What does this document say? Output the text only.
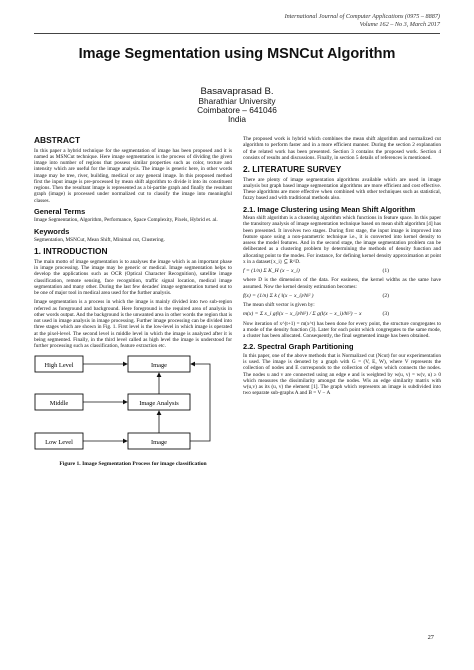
International Journal of Computer Applications (0975 – 8887)
Volume 162 – No 3, March 2017
Image Segmentation using MSNCut Algorithm
Basavaprasad B.
Bharathiar University
Coimbatore – 641046
India
ABSTRACT
In this paper a hybrid technique for the segmentation of image has been proposed and it is named as MSNCut technique. Here image segmentation is the process of dividing the given image into number of regions that possess similar properties such as color, texture and intensity which are useful for the image analysis. The image is generic here, in other words image may be tree, river, building, medical or any general image. In this proposed method first the input image is pre-processed by mean shift algorithm to divide it into its constituent regions. Then the resultant image is represented as a bi-partite graph and finally the resultant graph (image) is processed under normalized cut to classify the image into meaningful classes.
General Terms
Image Segmentation, Algorithm, Performance, Space Complexity, Pixels, Hybrid et. al.
Keywords
Segmentation, MSNCut, Mean Shift, Minimal cut, Clustering.
1. INTRODUCTION
The main motto of image segmentation is to analyses the image which is an important phase in image processing. The image may be generic or medical. Image segmentation helps to develop the applications such as OCR (Optical Character Recognition), satellite image classification, remote sensing, face recognition, traffic signal location, medical image segmentation and many other. During the last few decades' image segmentation turned out to be one of major tool in medical area used for the further analysis.
Image segmentation is a process in which the image is mainly divided into two sub-region referred as foreground and background. Here foreground is the required area of analysis in other words output. And the background is the unwanted area in other words the region that is not used in image analysis in image processing. Further image processing can be divided into three stages which are shown in Fig. 1. First level is the low-level in which image is operated at the pixel-level. The second level is middle level in which the image is analyzed after it is being segmented. Finally, in the third level called as high level the image is understood for further processing such as classification, feature extraction etc.
High Level
Middle
Low Level
Image
Image Analysis
Image
Figure 1. Image Segmentation Process for image classification
The proposed work is hybrid which combines the mean shift algorithm and normalized cut algorithm to perform faster and in a more efficient manner. During the section 2 explanation of the related work has been presented. Section 3 contains the proposed work. Section 4 consists of results and discussions. Finally, in section 5 details of references is mentioned.
2. LITERATURE SURVEY
There are plenty of image segmentation algorithms available which are used in image analysis but graph based image segmentation algorithms are more efficient and cost effective. These algorithms are more effective when combined with other techniques such as statistical, fuzzy based and with traditional methods also.
2.1. Image Clustering using Mean Shift Algorithm
Mean shift algorithm is a clustering algorithm which functions in feature space. In this paper the transitory analysis of image segmentation technique based on mean shift algorithm [4] has been presented. It involves two stages. During first stage, the input image is improved into feature space using a non-parametric technique i.e., it is converted into kernel density to assess the model features. And in the second stage, the image segmentation problem can be deliberated as a clustering problem by determining the methods of density function and allocating point to the modes. For instance, for defining kernel density approximation at point x in a dataset{x_i} ⊆ R^D.
f = (1/n) Σ K_H (x − x_i)	(1)
where D is the dimension of the data. For easiness, the kernel widths as the same have assumed. Now the kernel density estimation becomes:
f(x) = (1/n) Σ k ( ‖(x − x_i)/h‖² )	(2)
The mean shift vector is given by:
m(x) = Σ x_i g(‖(x − x_i)/h‖²) / Σ g(‖(x − x_i)/h‖²) − x	(3)
Now iteration of x^(t+1) = m(x^t) has been done for every point, the structure congregates to a mode of the density function (3). Later for each point which congregates to the same mode, a cluster has been allocated. Consequently, the final segmented image has been obtained.
2.2. Spectral Graph Partitioning
In this paper, one of the above methods that is Normalized cut (Ncut) for our experimentation is used. The image is denoted by a graph with G = (V, E, W), where V represents the collection of nodes and E corresponds to the collection of edges which connects the nodes. The nodes u and v are connected using an edge e and is weighted by w(u, v) = w(v, u) ≥ 0 which measures the dissimilarity amongst the nodes. Wis an edge similarity matrix with w(u,v) as its (u, v) the element [1]. The graph which represents an image is subdivided into two separate sub-graphs A and B = V − A
27
